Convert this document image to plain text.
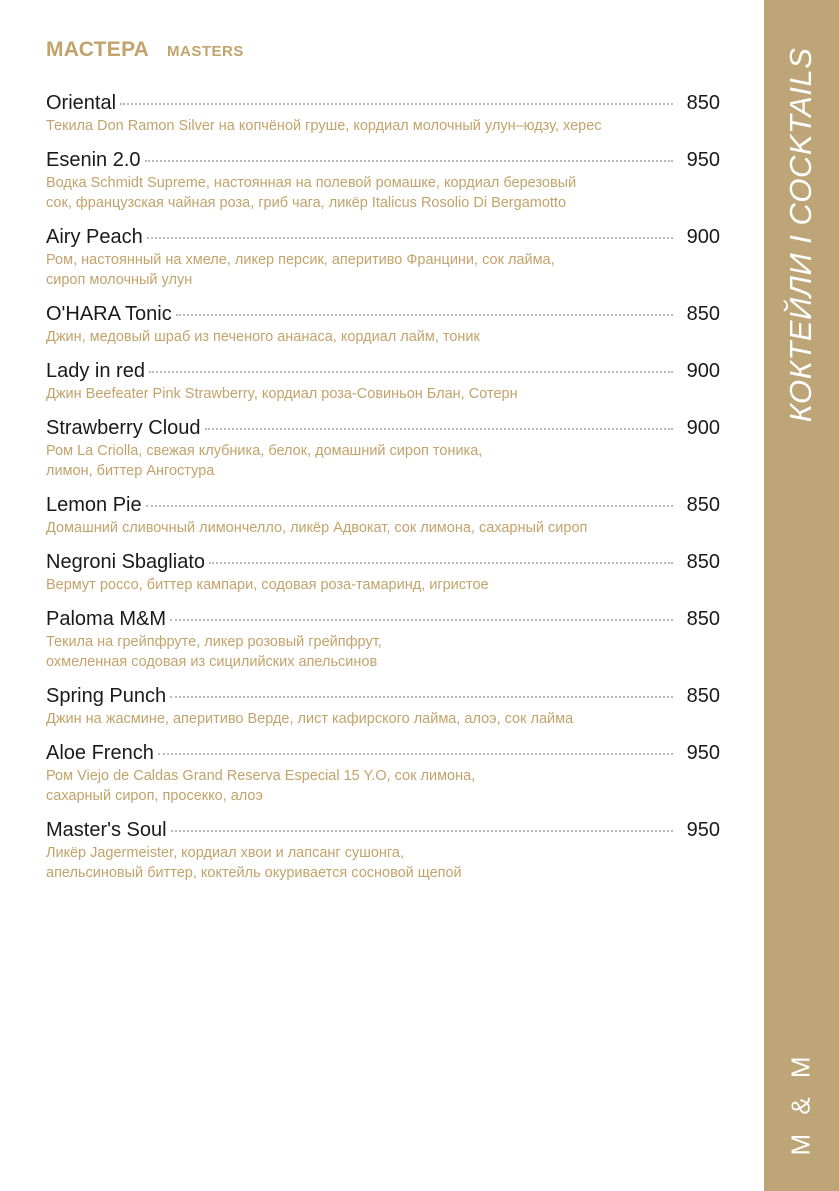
МАСТЕРА MASTERS
Oriental	850
Текила Don Ramon Silver на копчёной груше, кордиал молочный улун–юдзу, херес
Esenin 2.0	950
Водка Schmidt Supreme, настоянная на полевой ромашке, кордиал березовый
сок, французская чайная роза, гриб чага, ликёр Italicus Rosolio Di Bergamotto
Airy Peach	900
Ром, настоянный на хмеле, ликер персик, аперитиво Францини, сок лайма,
сироп молочный улун
O'HARA Tonic	850
Джин, медовый шраб из печеного ананаса, кордиал лайм, тоник
Lady in red	900
Джин Beefeater Pink Strawberry, кордиал роза-Совиньон Блан, Сотерн
Strawberry Cloud	900
Ром La Criolla, свежая клубника, белок, домашний сироп тоника,
лимон, биттер Ангостура
Lemon Pie	850
Домашний сливочный лимончелло, ликёр Адвокат, сок лимона, сахарный сироп
Negroni Sbagliato	850
Вермут россо, биттер кампари, содовая роза-тамаринд, игристое
Paloma M&M	850
Текила на грейпфруте, ликер розовый грейпфрут,
охмеленная содовая из сицилийских апельсинов
Spring Punch	850
Джин на жасмине, аперитиво Верде, лист кафирского лайма, алоэ, сок лайма
Aloe French	950
Ром Viejo de Caldas Grand Reserva Especial 15 Y.O, сок лимона,
сахарный сироп, просекко, алоэ
Master's Soul	950
Ликёр Jagermeister, кордиал хвои и лапсанг сушонга,
апельсиновый биттер, коктейль окуривается сосновой щепой
КОКТЕЙЛИ I COCKTAILS
M & M
